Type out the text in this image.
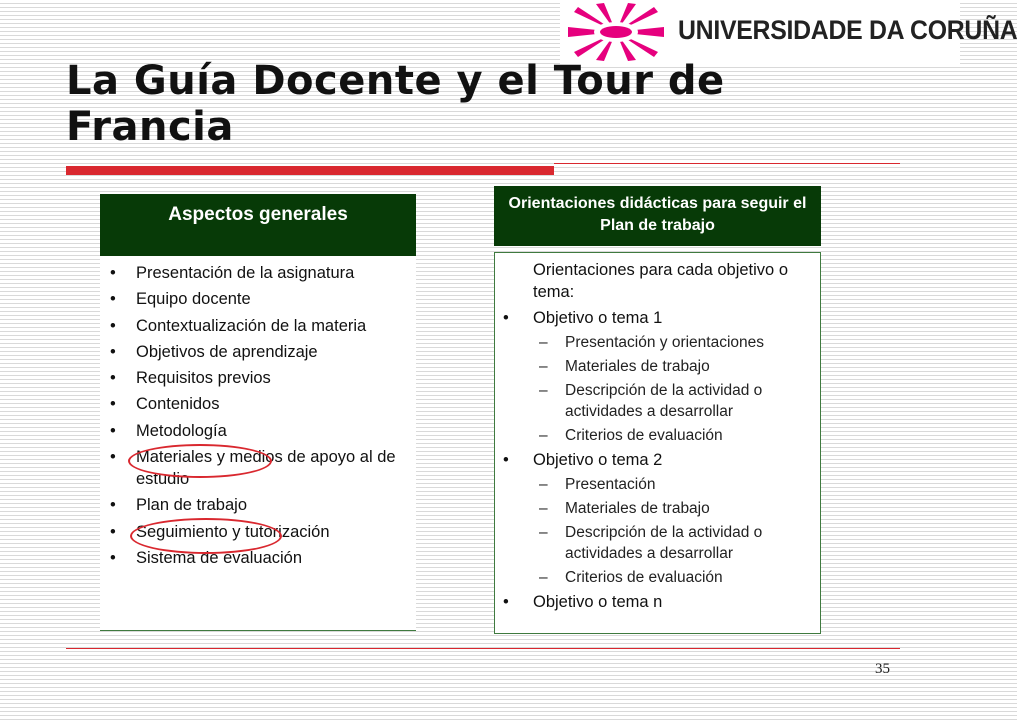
UNIVERSIDADE DA CORUÑA
La Guía Docente y el Tour de Francia
Aspectos generales
•	Presentación de la asignatura
•	Equipo docente
•	Contextualización de la materia
•	Objetivos de aprendizaje
•	Requisitos previos
•	Contenidos
•	Metodología
•	Materiales y medios de apoyo al de estudio
•	Plan de trabajo
•	Seguimiento y tutorización
•	Sistema de evaluación
Orientaciones didácticas para seguir el Plan de trabajo
Orientaciones para cada objetivo o tema:
•	Objetivo o tema 1
– Presentación y orientaciones
– Materiales de trabajo
– Descripción de la actividad o actividades a desarrollar
– Criterios de evaluación
•	Objetivo o tema 2
– Presentación
– Materiales de trabajo
– Descripción de la actividad o actividades a desarrollar
– Criterios de evaluación
•	Objetivo o tema n
35
